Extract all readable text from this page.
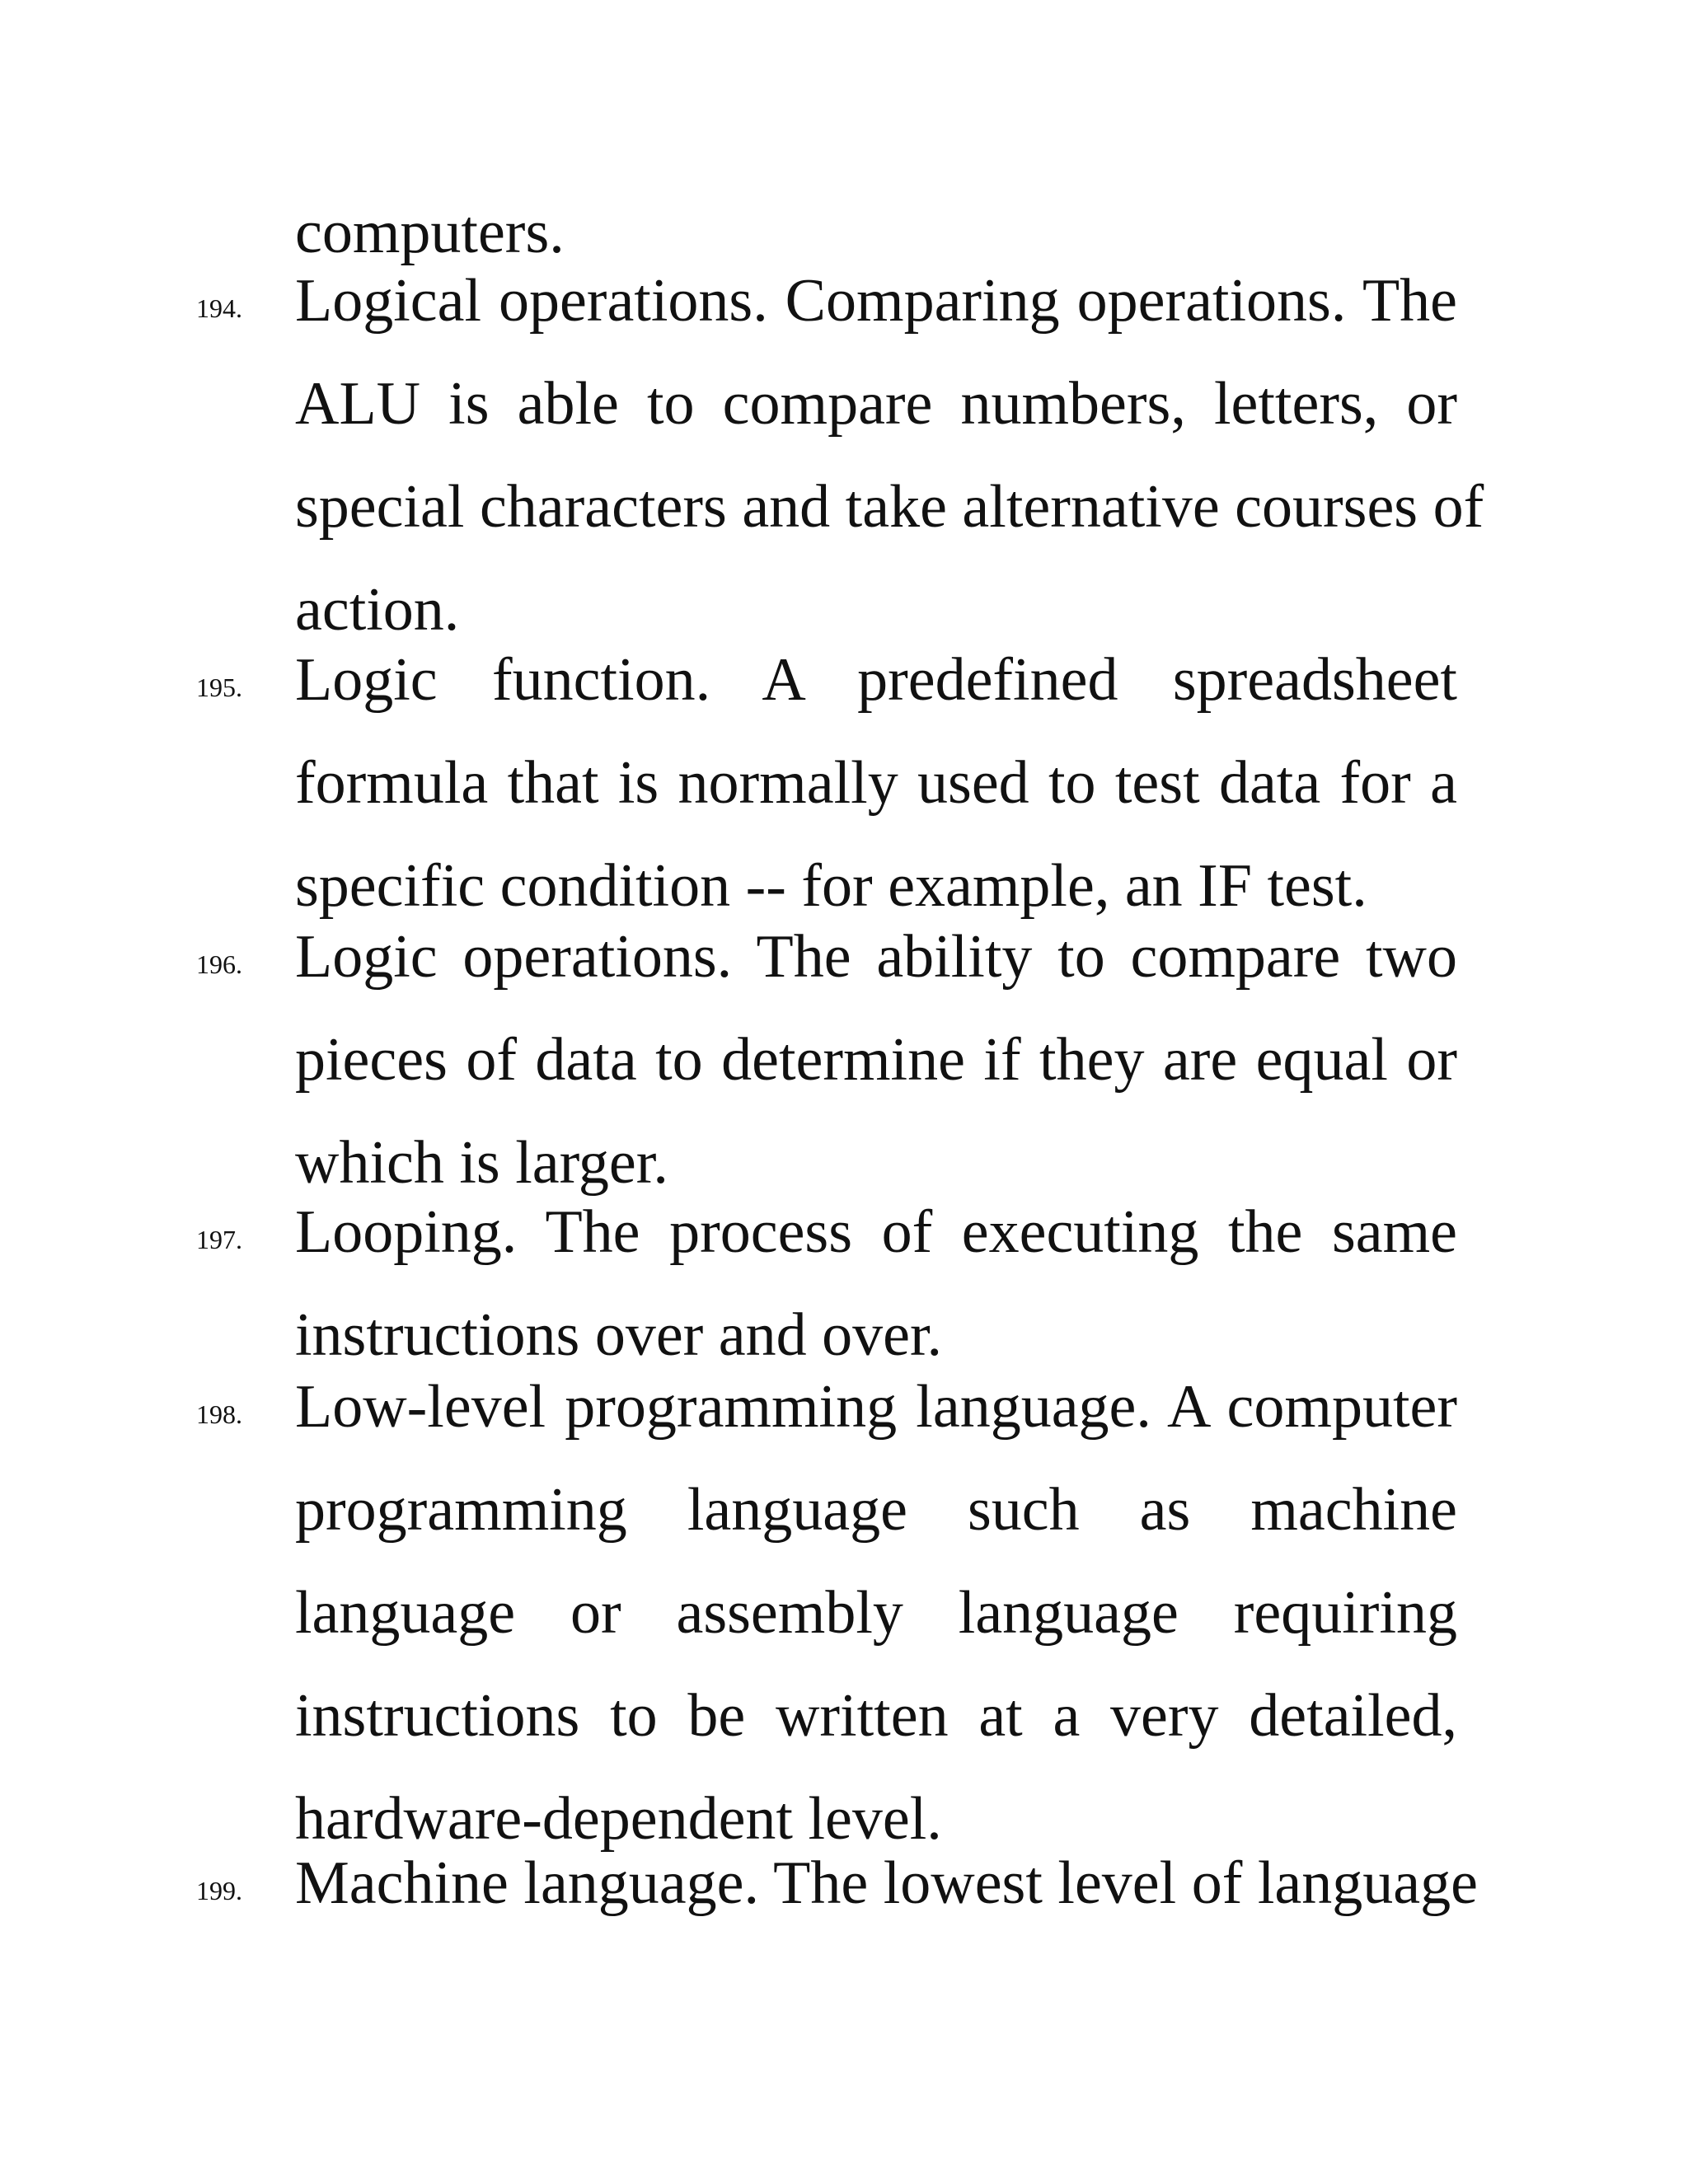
computers.
194. Logical operations. Comparing operations. The
ALU is able to compare numbers, letters, or
special characters and take alternative courses of
action.
195. Logic function. A predefined spreadsheet
formula that is normally used to test data for a
specific condition -- for example, an IF test.
196. Logic operations. The ability to compare two
pieces of data to determine if they are equal or
which is larger.
197. Looping. The process of executing the same
instructions over and over.
198. Low-level programming language. A computer
programming language such as machine
language or assembly language requiring
instructions to be written at a very detailed,
hardware-dependent level.
199. Machine language. The lowest level of language
